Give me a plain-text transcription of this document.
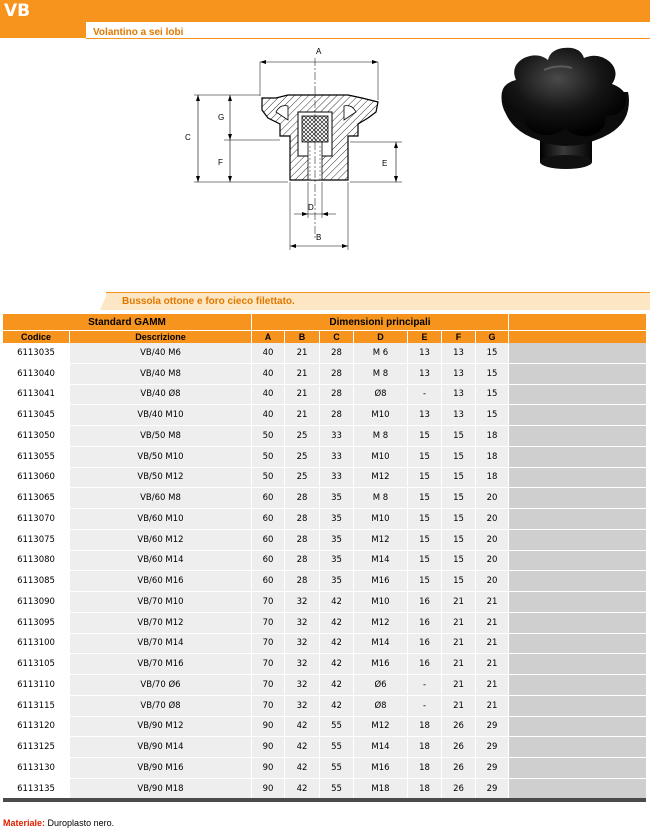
VB
Volantino a sei lobi
A
C
G
F	E
D
B
Bussola ottone e foro cieco filettato.
Standard GAMM	Dimensioni principali
Codice	Descrizione	A	B	C	D	E	F	G
6113035	VB/40 M6	40	21	28	M 6	13	13	15
6113040	VB/40 M8	40	21	28	M 8	13	13	15
6113041	VB/40 Ø8	40	21	28	Ø8	-	13	15
6113045	VB/40 M10	40	21	28	M10	13	13	15
6113050	VB/50 M8	50	25	33	M 8	15	15	18
6113055	VB/50 M10	50	25	33	M10	15	15	18
6113060	VB/50 M12	50	25	33	M12	15	15	18
6113065	VB/60 M8	60	28	35	M 8	15	15	20
6113070	VB/60 M10	60	28	35	M10	15	15	20
6113075	VB/60 M12	60	28	35	M12	15	15	20
6113080	VB/60 M14	60	28	35	M14	15	15	20
6113085	VB/60 M16	60	28	35	M16	15	15	20
6113090	VB/70 M10	70	32	42	M10	16	21	21
6113095	VB/70 M12	70	32	42	M12	16	21	21
6113100	VB/70 M14	70	32	42	M14	16	21	21
6113105	VB/70 M16	70	32	42	M16	16	21	21
6113110	VB/70 Ø6	70	32	42	Ø6	-	21	21
6113115	VB/70 Ø8	70	32	42	Ø8	-	21	21
6113120	VB/90 M12	90	42	55	M12	18	26	29
6113125	VB/90 M14	90	42	55	M14	18	26	29
6113130	VB/90 M16	90	42	55	M16	18	26	29
6113135	VB/90 M18	90	42	55	M18	18	26	29
Materiale: Duroplasto nero.
